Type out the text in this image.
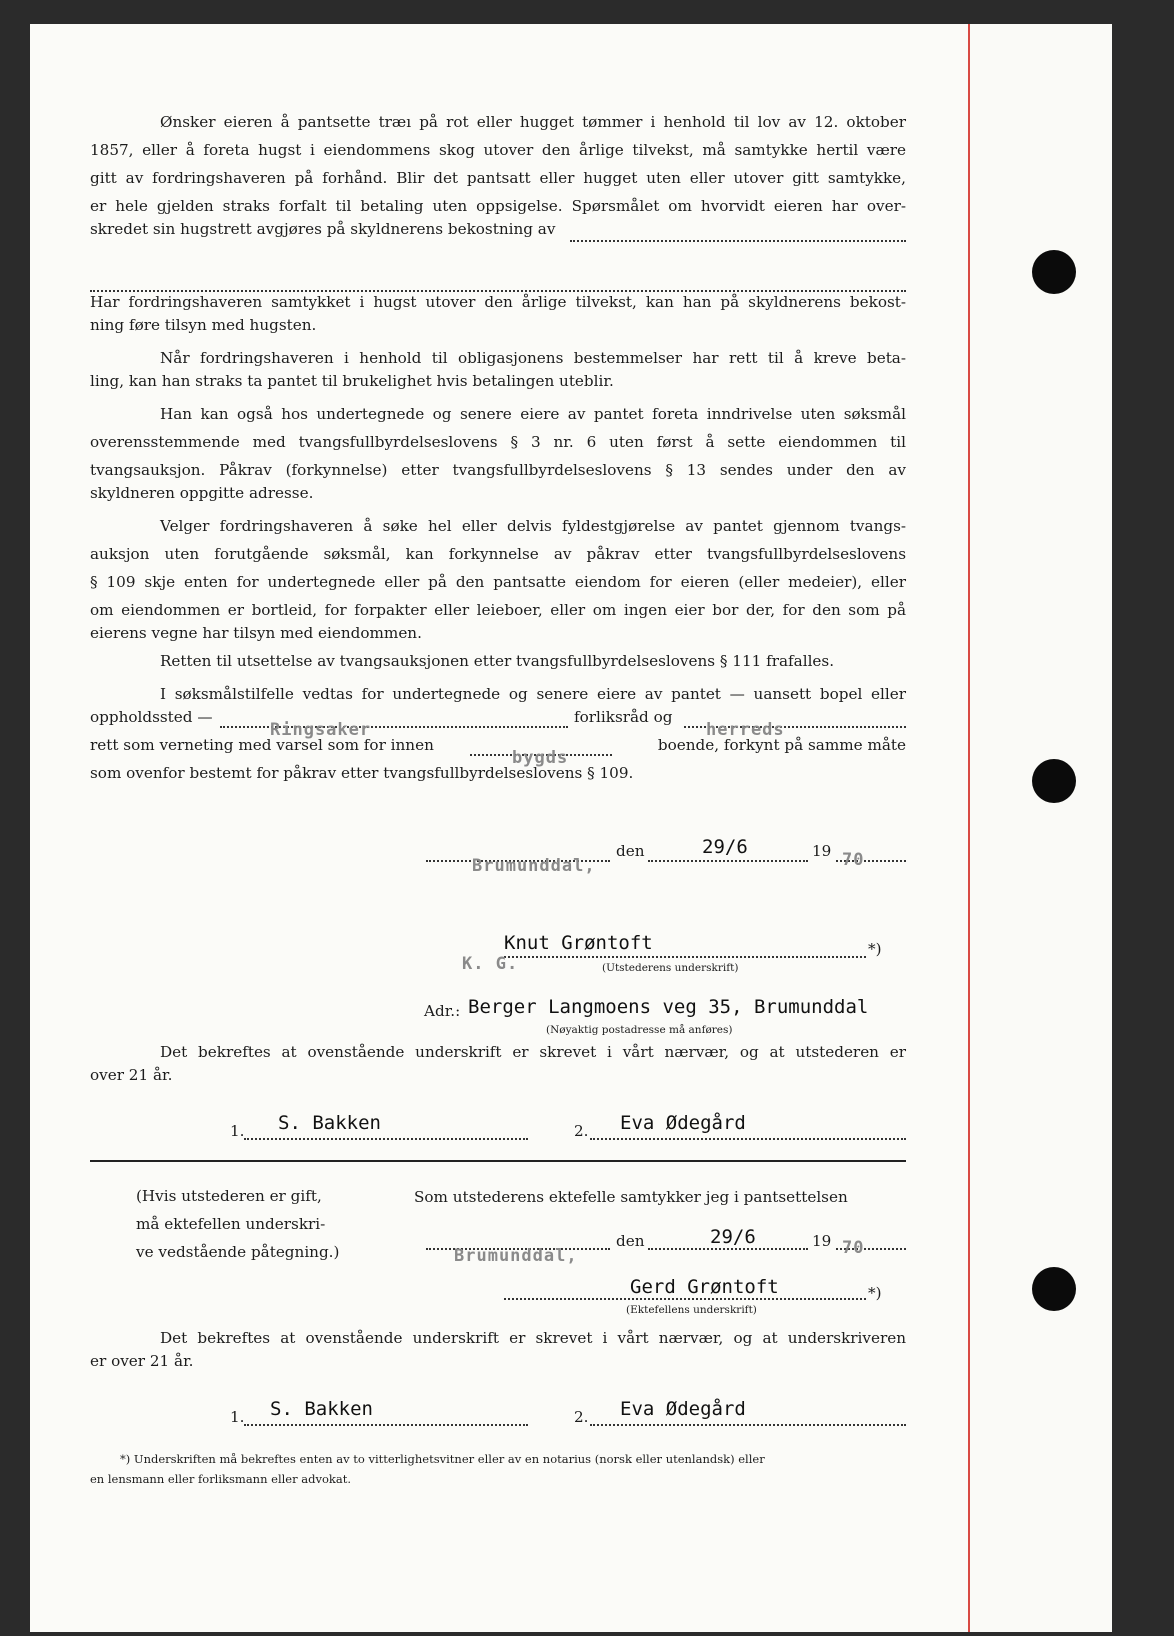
Ønsker eieren å pantsette træı på rot eller hugget tømmer i henhold til lov av 12. oktober
1857, eller å foreta hugst i eiendommens skog utover den årlige tilvekst, må samtykke hertil være
gitt av fordringshaveren på forhånd. Blir det pantsatt eller hugget uten eller utover gitt samtykke,
er hele gjelden straks forfalt til betaling uten oppsigelse. Spørsmålet om hvorvidt eieren har over-
skredet sin hugstrett avgjøres på skyldnerens bekostning av
Har fordringshaveren samtykket i hugst utover den årlige tilvekst, kan han på skyldnerens bekost-
ning føre tilsyn med hugsten.
Når fordringshaveren i henhold til obligasjonens bestemmelser har rett til å kreve beta-
ling, kan han straks ta pantet til brukelighet hvis betalingen uteblir.
Han kan også hos undertegnede og senere eiere av pantet foreta inndrivelse uten søksmål
overensstemmende med tvangsfullbyrdelseslovens § 3 nr. 6 uten først å sette eiendommen til
tvangsauksjon. Påkrav (forkynnelse) etter tvangsfullbyrdelseslovens § 13 sendes under den av
skyldneren oppgitte adresse.
Velger fordringshaveren å søke hel eller delvis fyldestgjørelse av pantet gjennom tvangs-
auksjon uten forutgående søksmål, kan forkynnelse av påkrav etter tvangsfullbyrdelseslovens
§ 109 skje enten for undertegnede eller på den pantsatte eiendom for eieren (eller medeier), eller
om eiendommen er bortleid, for forpakter eller leieboer, eller om ingen eier bor der, for den som på
eierens vegne har tilsyn med eiendommen.
Retten til utsettelse av tvangsauksjonen etter tvangsfullbyrdelseslovens § 111 frafalles.
I søksmålstilfelle vedtas for undertegnede og senere eiere av pantet — uansett bopel eller
oppholdssted —	forliksråd og
Ringsaker	herreds
rett som verneting med varsel som for innen	boende, forkynt på samme måte
bygds
som ovenfor bestemt for påkrav etter tvangsfullbyrdelseslovens § 109.
Brumunddal,
den	29/6	19 70
Knut Grøntoft	*)
K. G.	(Utstederens underskrift)
Adr.: Berger Langmoens veg 35, Brumunddal
(Nøyaktig postadresse må anføres)
Det bekreftes at ovenstående underskrift er skrevet i vårt nærvær, og at utstederen er
over 21 år.
1. S. Bakken	2. Eva Ødegård
(Hvis utstederen er gift,
må ektefellen underskri-
ve vedstående påtegning.)
Som utstederens ektefelle samtykker jeg i pantsettelsen
Brumunddal,
den	29/6	19 70
Gerd Grøntoft	*)
(Ektefellens underskrift)
Det bekreftes at ovenstående underskrift er skrevet i vårt nærvær, og at underskriveren
er over 21 år.
1. S. Bakken	2. Eva Ødegård
*) Underskriften må bekreftes enten av to vitterlighetsvitner eller av en notarius (norsk eller utenlandsk) eller
en lensmann eller forliksmann eller advokat.
